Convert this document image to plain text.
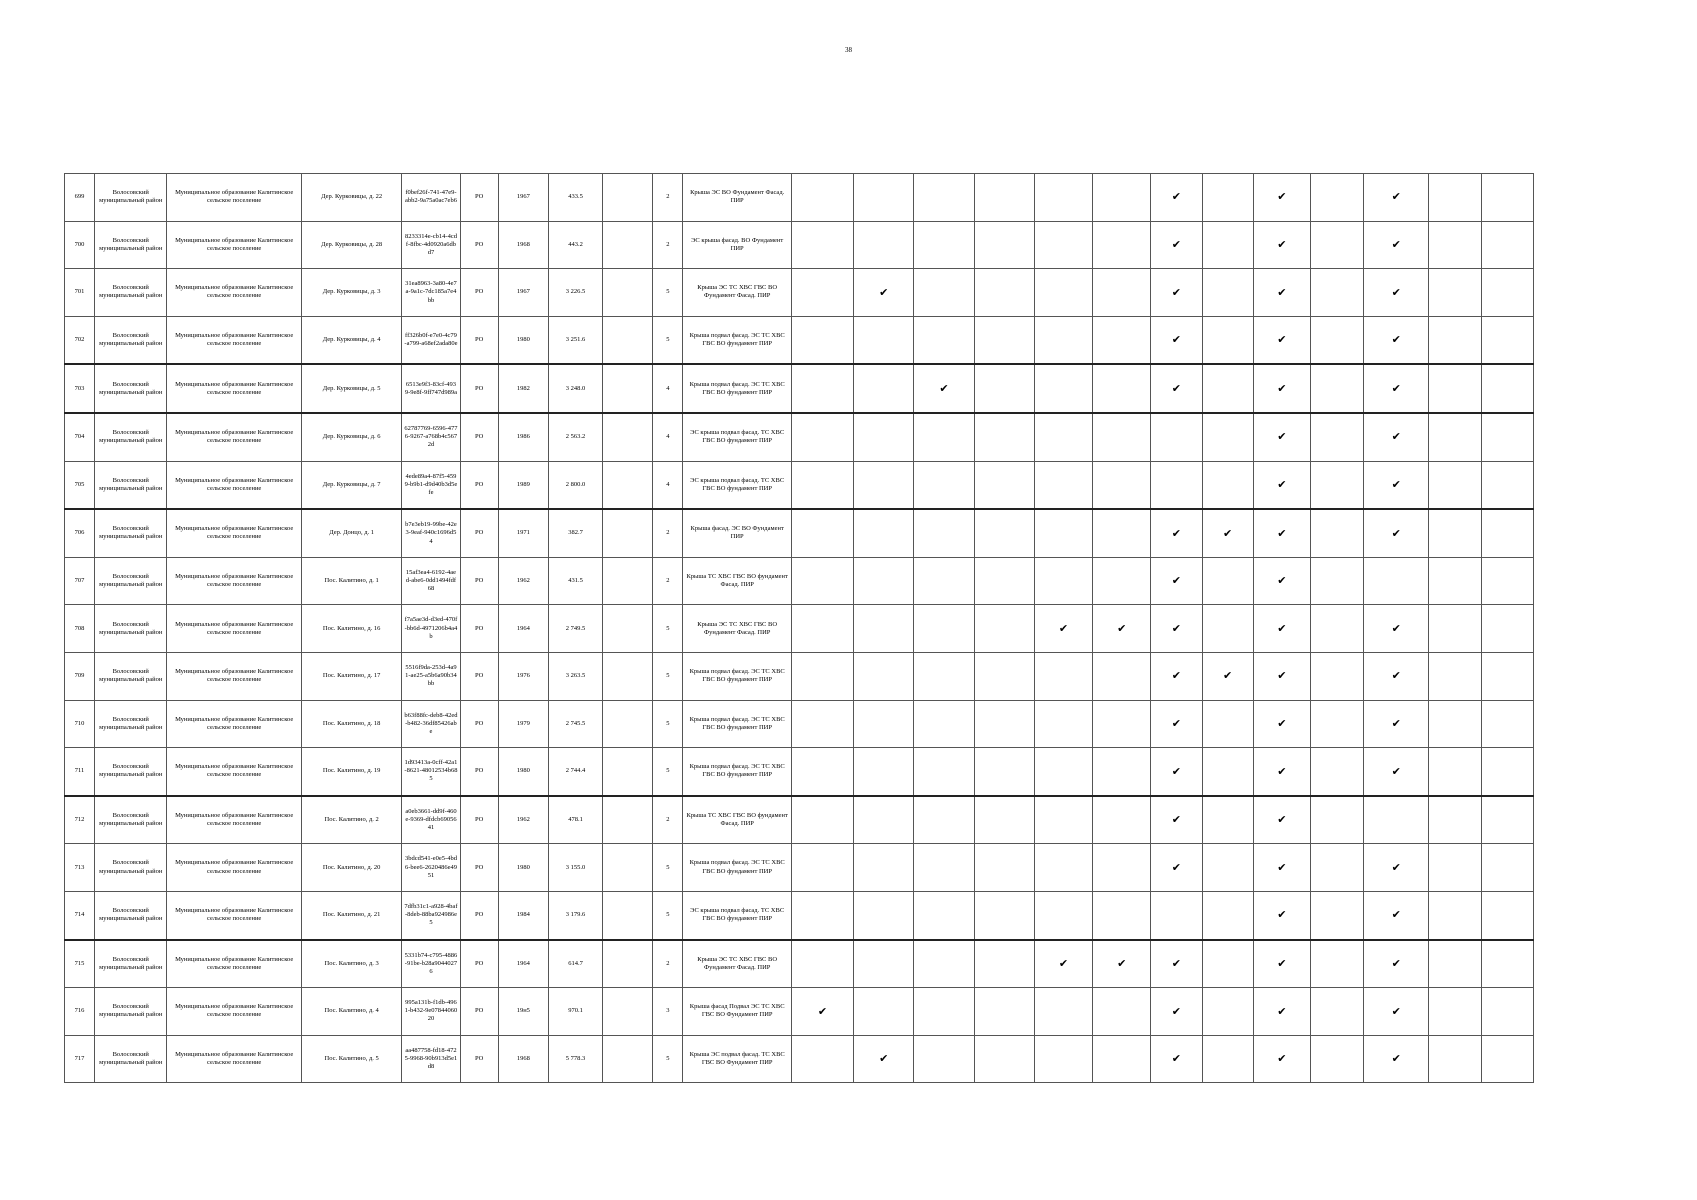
38
699	Волосовский муниципальный район	Муниципальное образование Калитинское сельское поселение	Дер. Курковицы, д. 22	f0bef26f-741-47e9-abb2-9a75a0ac7eb6	РО	1967	433.5		2	Крыша ЭС ВО Фундамент Фасад. ПИР							✔		✔		✔		
700	Волосовский муниципальный район	Муниципальное образование Калитинское сельское поселение	Дер. Курковицы, д. 28	8233314e-cb14-4cdf-8fbc-4d0920a6dbd7	РО	1968	443.2		2	ЭС крыша фасад. ВО Фундамент ПИР							✔		✔		✔		
701	Волосовский муниципальный район	Муниципальное образование Калитинское сельское поселение	Дер. Курковицы, д. 3	31ea8963-3a80-4e7a-9a1c-7dc185a7e4bb	РО	1967	3 226.5		5	Крыша ЭС ТС ХВС ГВС ВО Фундамент Фасад. ПИР		✔					✔		✔		✔		
702	Волосовский муниципальный район	Муниципальное образование Калитинское сельское поселение	Дер. Курковицы, д. 4	ff326b0f-e7e0-4c79-a799-a68ef2ada80e	РО	1980	3 251.6		5	Крыша подвал фасад. ЭС ТС ХВС ГВС ВО фундамент ПИР							✔		✔		✔		
703	Волосовский муниципальный район	Муниципальное образование Калитинское сельское поселение	Дер. Курковицы, д. 5	6513e9f3-83cf-4939-9e8f-9ff747d989a	РО	1982	3 248.0		4	Крыша подвал фасад. ЭС ТС ХВС ГВС ВО фундамент ПИР			✔				✔		✔		✔		
704	Волосовский муниципальный район	Муниципальное образование Калитинское сельское поселение	Дер. Курковицы, д. 6	62787769-6596-4776-9267-a768b4c5672d	РО	1986	2 563.2		4	ЭС крыша подвал фасад. ТС ХВС ГВС ВО фундамент ПИР									✔		✔		
705	Волосовский муниципальный район	Муниципальное образование Калитинское сельское поселение	Дер. Курковицы, д. 7	4ede89a4-87f5-4599-b9b1-d9d40b3d5efe	РО	1989	2 800.0		4	ЭС крыша подвал фасад. ТС ХВС ГВС ВО фундамент ПИР									✔		✔		
706	Волосовский муниципальный район	Муниципальное образование Калитинское сельское поселение	Дер. Донцо, д. 1	b7e3eb19-99be-42e3-9eaf-940c1696d54	РО	1971	382.7		2	Крыша фасад. ЭС ВО Фундамент ПИР							✔	✔	✔		✔		
707	Волосовский муниципальный район	Муниципальное образование Калитинское сельское поселение	Пос. Калитино, д. 1	15af3ea4-6192-4aed-abe6-0dd1494fdf68	РО	1962	431.5		2	Крыша ТС ХВС ГВС ВО фундамент Фасад. ПИР							✔		✔				
708	Волосовский муниципальный район	Муниципальное образование Калитинское сельское поселение	Пос. Калитино, д. 16	f7a5ae3d-d3ed-470f-bb6d-4971206b4a4b	РО	1964	2 749.5		5	Крыша ЭС ТС ХВС ГВС ВО Фундамент Фасад. ПИР					✔	✔	✔		✔		✔		
709	Волосовский муниципальный район	Муниципальное образование Калитинское сельское поселение	Пос. Калитино, д. 17	5516f9da-253d-4a91-ae25-a5b6a90b34bb	РО	1976	3 263.5		5	Крыша подвал фасад. ЭС ТС ХВС ГВС ВО фундамент ПИР							✔	✔	✔		✔		
710	Волосовский муниципальный район	Муниципальное образование Калитинское сельское поселение	Пос. Калитино, д. 18	b63f88fc-deb8-42ed-b482-36df85426abe	РО	1979	2 745.5		5	Крыша подвал фасад. ЭС ТС ХВС ГВС ВО фундамент ПИР							✔		✔		✔		
711	Волосовский муниципальный район	Муниципальное образование Калитинское сельское поселение	Пос. Калитино, д. 19	1d93413a-0cff-42a1-8621-48012534b685	РО	1980	2 744.4		5	Крыша подвал фасад. ЭС ТС ХВС ГВС ВО фундамент ПИР							✔		✔		✔		
712	Волосовский муниципальный район	Муниципальное образование Калитинское сельское поселение	Пос. Калитино, д. 2	a0eb3661-dd9f-460e-9369-dfdcb6905641	РО	1962	478.1		2	Крыша ТС ХВС ГВС ВО фундамент Фасад. ПИР							✔		✔				
713	Волосовский муниципальный район	Муниципальное образование Калитинское сельское поселение	Пос. Калитино, д. 20	3bdcd541-e0e5-4bd6-bee6-2620486e4951	РО	1980	3 155.0		5	Крыша подвал фасад. ЭС ТС ХВС ГВС ВО фундамент ПИР							✔		✔		✔		
714	Волосовский муниципальный район	Муниципальное образование Калитинское сельское поселение	Пос. Калитино, д. 21	7dfb31c1-a928-4baf-8deb-88ba924986e5	РО	1984	3 179.6		5	ЭС крыша подвал фасад. ТС ХВС ГВС ВО фундамент ПИР									✔		✔		
715	Волосовский муниципальный район	Муниципальное образование Калитинское сельское поселение	Пос. Калитино, д. 3	5331b74-c795-4886-91be-b28a90440276	РО	1964	614.7		2	Крыша ЭС ТС ХВС ГВС ВО Фундамент Фасад. ПИР					✔	✔	✔		✔		✔		
716	Волосовский муниципальный район	Муниципальное образование Калитинское сельское поселение	Пос. Калитино, д. 4	995a131b-f1db-4961-b432-9e0784406020	РО	19н5	970.1		3	Крыша фасад Подвал ЭС ТС ХВС ГВС ВО Фундамент ПИР	✔						✔		✔		✔		
717	Волосовский муниципальный район	Муниципальное образование Калитинское сельское поселение	Пос. Калитино, д. 5	aa487758-fd18-4725-9968-90b913d5e1d8	РО	1968	5 778.3		5	Крыша ЭС подвал фасад. ТС ХВС ГВС ВО Фундамент ПИР		✔					✔		✔		✔		
